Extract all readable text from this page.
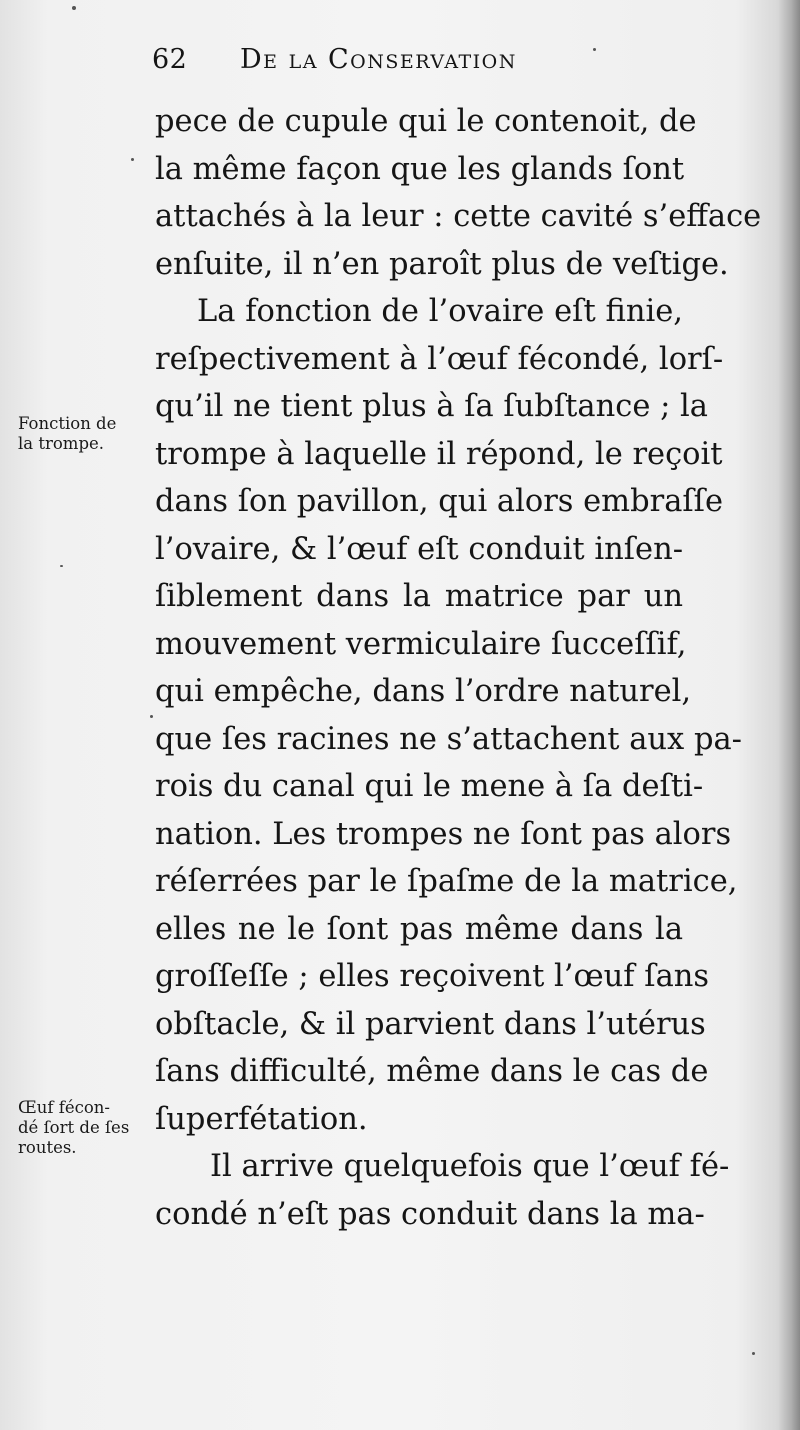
62 De la Conservation
pece de cupule qui le contenoit, de
la même façon que les glands ſont
attachés à la leur : cette cavité s’efface
enſuite, il n’en paroît plus de veſtige.
La fonction de l’ovaire eſt finie,
reſpectivement à l’œuf fécondé, lorſ-
qu’il ne tient plus à ſa ſubſtance ; la
trompe à laquelle il répond, le reçoit
dans ſon pavillon, qui alors embraſſe
l’ovaire, & l’œuf eſt conduit inſen-
ſiblement dans la matrice par un
mouvement vermiculaire ſucceſſif,
qui empêche, dans l’ordre naturel,
que ſes racines ne s’attachent aux pa-
rois du canal qui le mene à ſa deſti-
nation. Les trompes ne ſont pas alors
réſerrées par le ſpaſme de la matrice,
elles ne le ſont pas même dans la
groſſeſſe ; elles reçoivent l’œuf ſans
obſtacle, & il parvient dans l’utérus
ſans difficulté, même dans le cas de
ſuperfétation.
Il arrive quelquefois que l’œuf fé-
condé n’eſt pas conduit dans la ma-
Fonction de
la trompe.
Œuf fécon-
dé ſort de ſes
routes.
